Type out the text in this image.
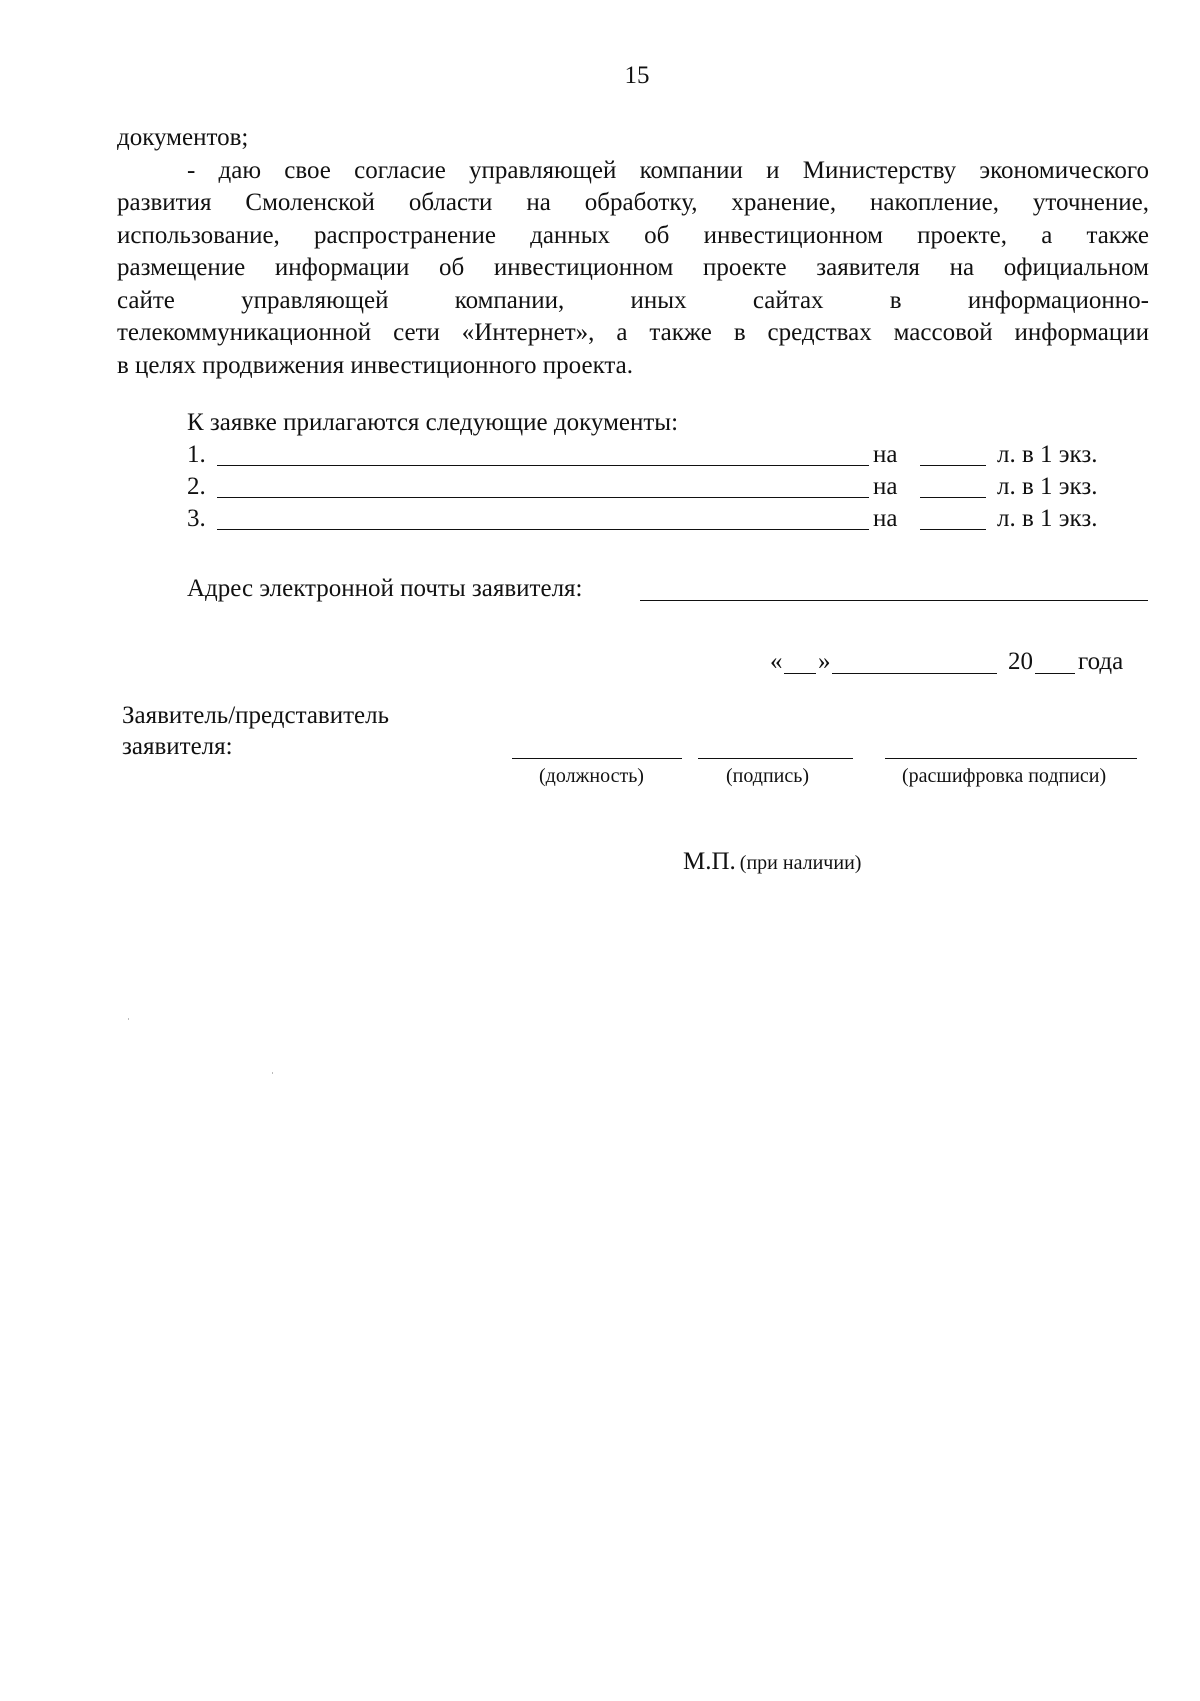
15
документов;
- даю свое согласие управляющей компании и Министерству экономического
развития Смоленской области на обработку, хранение, накопление, уточнение,
использование, распространение данных об инвестиционном проекте, а также
размещение информации об инвестиционном проекте заявителя на официальном
сайте управляющей компании, иных сайтах в информационно-
телекоммуникационной сети «Интернет», а также в средствах массовой информации
в целях продвижения инвестиционного проекта.
К заявке прилагаются следующие документы:
1.	на	л. в 1 экз.
2.	на	л. в 1 экз.
3.	на	л. в 1 экз.
Адрес электронной почты заявителя:
« »	20 года
Заявитель/представитель
заявителя:
(должность)	(подпись)	(расшифровка подписи)
М.П. (при наличии)
